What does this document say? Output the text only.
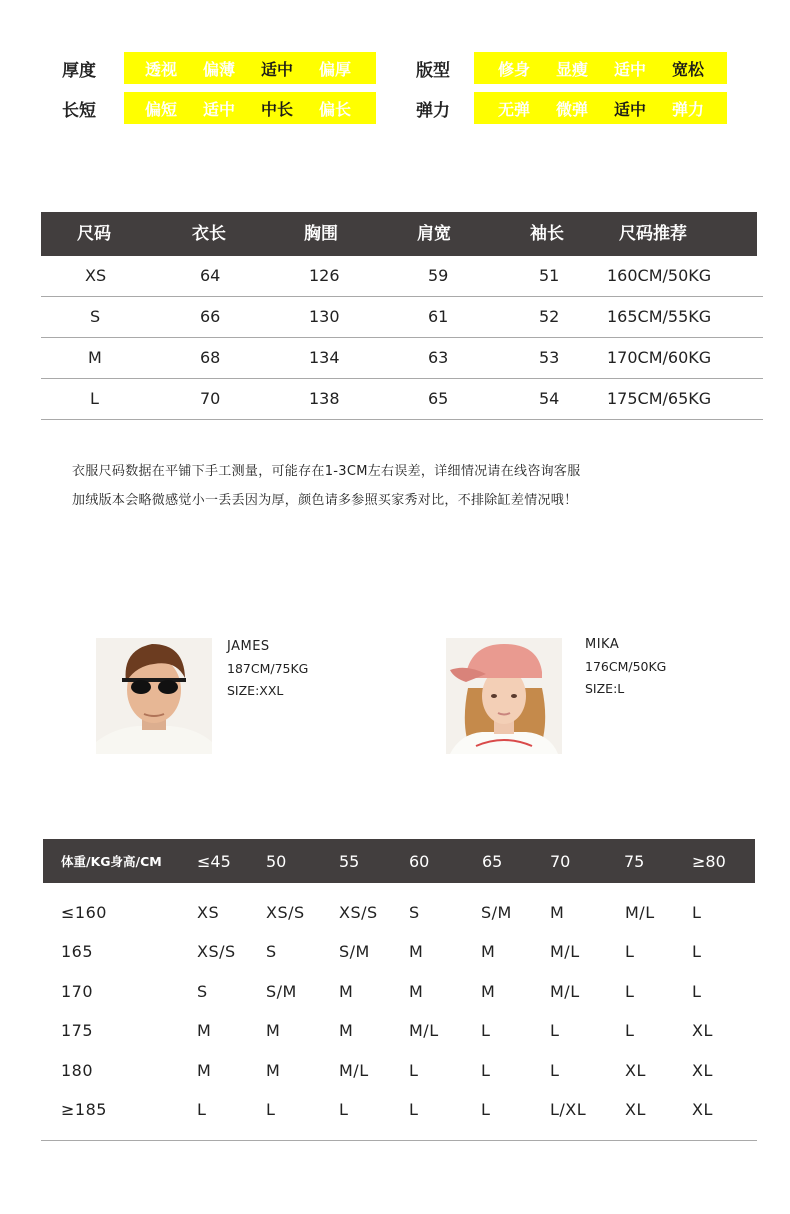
厚度	透视	偏薄	适中	偏厚
长短	偏短	适中	中长	偏长
版型	修身	显瘦	适中	宽松
弹力	无弹	微弹	适中	弹力
尺码	衣长	胸围	肩宽	袖长	尺码推荐
XS	64	126	59	51	160CM/50KG
S	66	130	61	52	165CM/55KG
M	68	134	63	53	170CM/60KG
L	70	138	65	54	175CM/65KG
衣服尺码数据在平铺下手工测量，可能存在1-3CM左右误差，详细情况请在线咨询客服
加绒版本会略微感觉小一丢丢因为厚，颜色请多参照买家秀对比，不排除缸差情况哦！
JAMES
187CM/75KG
SIZE:XXL
MIKA
176CM/50KG
SIZE:L
体重/KG身高/CM ≤45 50	55	60	65	70	75	≥80
≤160	XS	XS/S XS/S S	S/M M	M/L L
165	XS/S S	S/M M	M	M/L	L	L
170	S	S/M	M	M	M	M/L	L	L
175	M	M	M	M/L	L	L	L	XL
180	M	M	M/L	L	L	L	XL	XL
≥185	L	L	L	L	L	L/XL XL	XL
